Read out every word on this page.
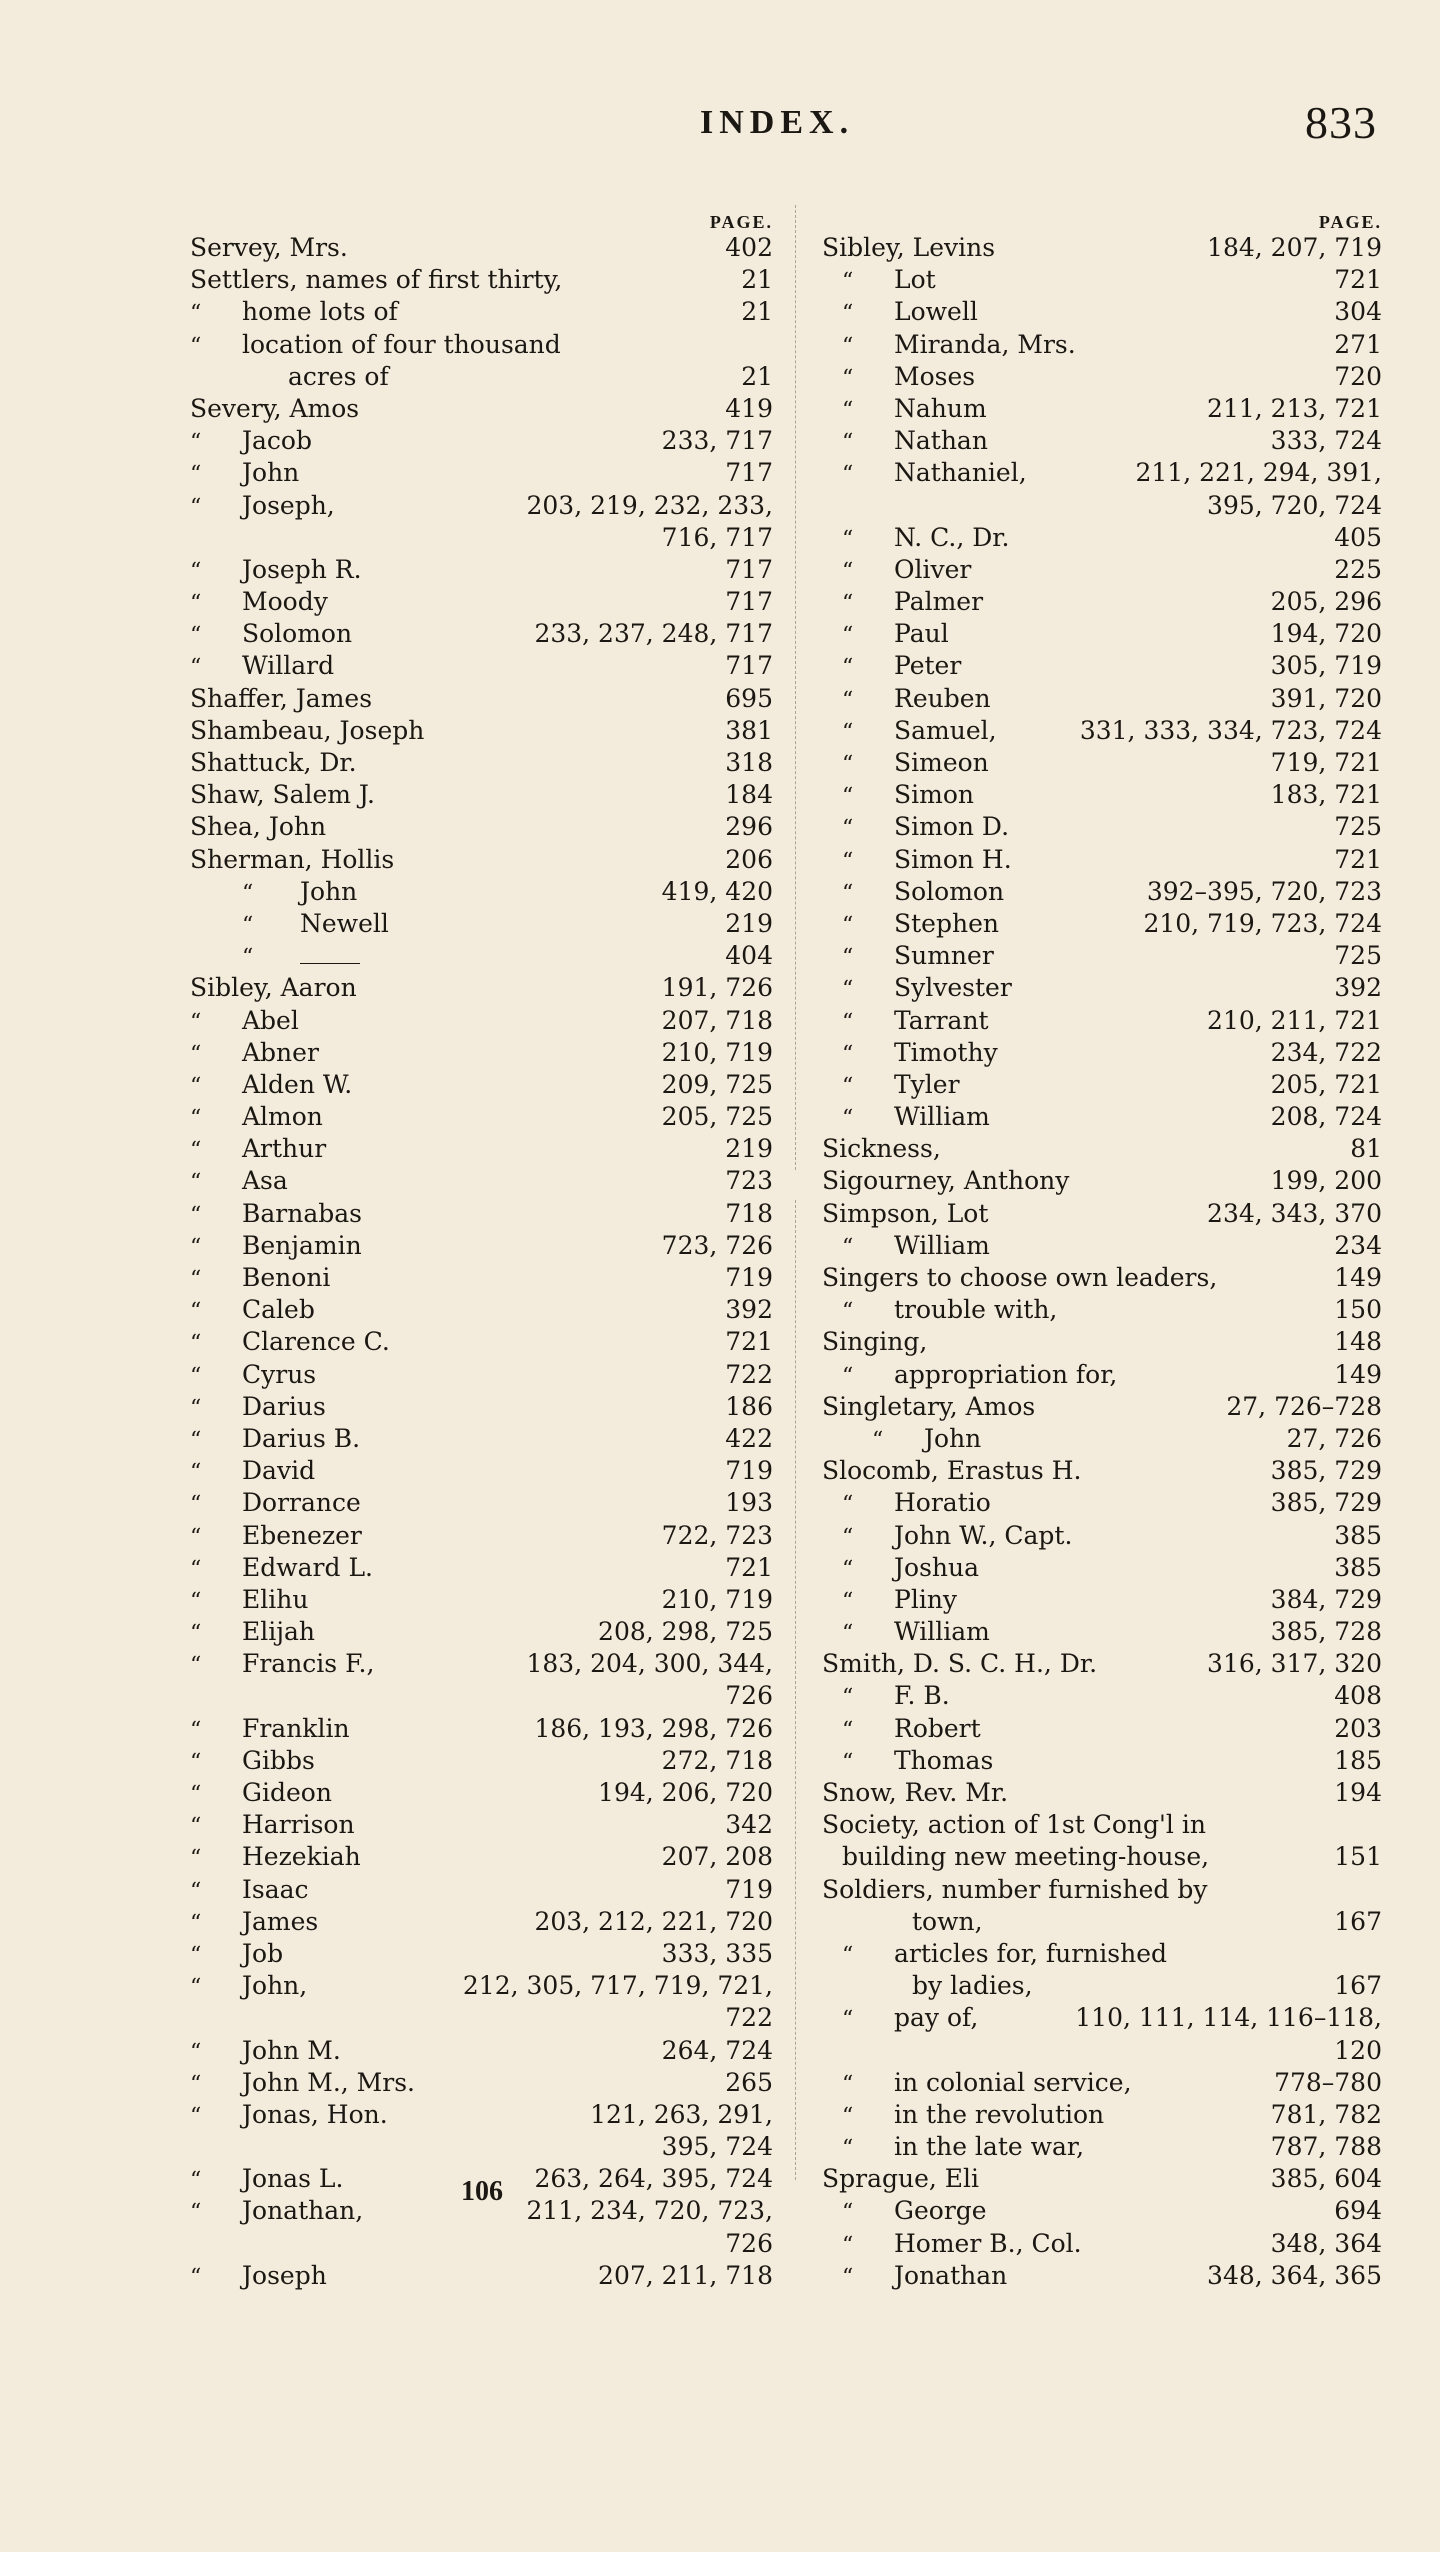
INDEX.	833
PAGE.
Servey, Mrs.	402
Settlers, names of first thirty,	21
“	home lots of	21
“	location of four thousand
acres of	21
Severy, Amos	419
“	Jacob	233, 717
“	John	717
“	Joseph,	203, 219, 232, 233,
716, 717
“	Joseph R.	717
“	Moody	717
“	Solomon	233, 237, 248, 717
“	Willard	717
Shaffer, James	695
Shambeau, Joseph	381
Shattuck, Dr.	318
Shaw, Salem J.	184
Shea, John	296
Sherman, Hollis	206
“	John	419, 420
“	Newell	219
“	404
Sibley, Aaron	191, 726
“	Abel	207, 718
“	Abner	210, 719
“	Alden W.	209, 725
“	Almon	205, 725
“	Arthur	219
“	Asa	723
“	Barnabas	718
“	Benjamin	723, 726
“	Benoni	719
“	Caleb	392
“	Clarence C.	721
“	Cyrus	722
“	Darius	186
“	Darius B.	422
“	David	719
“	Dorrance	193
“	Ebenezer	722, 723
“	Edward L.	721
“	Elihu	210, 719
“	Elijah	208, 298, 725
“	Francis F.,	183, 204, 300, 344,
726
“	Franklin	186, 193, 298, 726
“	Gibbs	272, 718
“	Gideon	194, 206, 720
“	Harrison	342
“	Hezekiah	207, 208
“	Isaac	719
“	James	203, 212, 221, 720
“	Job	333, 335
“	John,	212, 305, 717, 719, 721,
722
“	John M.	264, 724
“	John M., Mrs.	265
“	Jonas, Hon.	121, 263, 291,
395, 724
“	Jonas L.	263, 264, 395, 724
“	Jonathan,	211, 234, 720, 723,
726
“	Joseph	207, 211, 718
PAGE.
Sibley, Levins	184, 207, 719
“	Lot	721
“	Lowell	304
“	Miranda, Mrs.	271
“	Moses	720
“	Nahum	211, 213, 721
“	Nathan	333, 724
“	Nathaniel,	211, 221, 294, 391,
395, 720, 724
“	N. C., Dr.	405
“	Oliver	225
“	Palmer	205, 296
“	Paul	194, 720
“	Peter	305, 719
“	Reuben	391, 720
“	Samuel,	331, 333, 334, 723, 724
“	Simeon	719, 721
“	Simon	183, 721
“	Simon D.	725
“	Simon H.	721
“	Solomon	392–395, 720, 723
“	Stephen	210, 719, 723, 724
“	Sumner	725
“	Sylvester	392
“	Tarrant	210, 211, 721
“	Timothy	234, 722
“	Tyler	205, 721
“	William	208, 724
Sickness,	81
Sigourney, Anthony	199, 200
Simpson, Lot	234, 343, 370
“	William	234
Singers to choose own leaders,	149
“	trouble with,	150
Singing,	148
“	appropriation for,	149
Singletary, Amos	27, 726–728
“	John	27, 726
Slocomb, Erastus H.	385, 729
“	Horatio	385, 729
“	John W., Capt.	385
“	Joshua	385
“	Pliny	384, 729
“	William	385, 728
Smith, D. S. C. H., Dr.	316, 317, 320
“	F. B.	408
“	Robert	203
“	Thomas	185
Snow, Rev. Mr.	194
Society, action of 1st Cong'l in
building new meeting-house,	151
Soldiers, number furnished by
town,	167
“	articles for, furnished
by ladies,	167
“	pay of,	110, 111, 114, 116–118,
120
“	in colonial service,	778–780
“	in the revolution	781, 782
“	in the late war,	787, 788
Sprague, Eli	385, 604
“	George	694
“	Homer B., Col.	348, 364
“	Jonathan	348, 364, 365
106
